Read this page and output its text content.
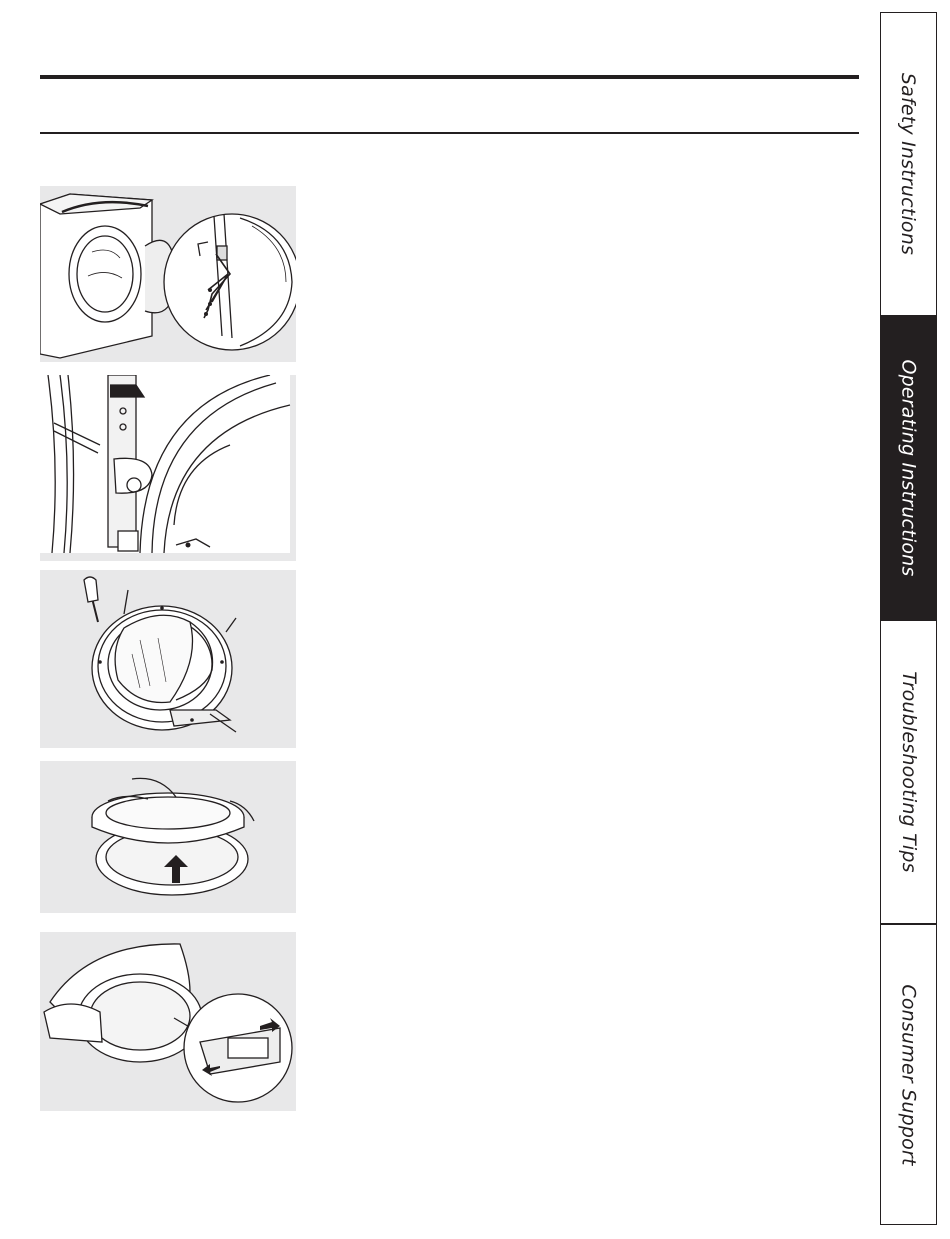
Safety Instructions
Operating Instructions
Troubleshooting Tips
Consumer Support
